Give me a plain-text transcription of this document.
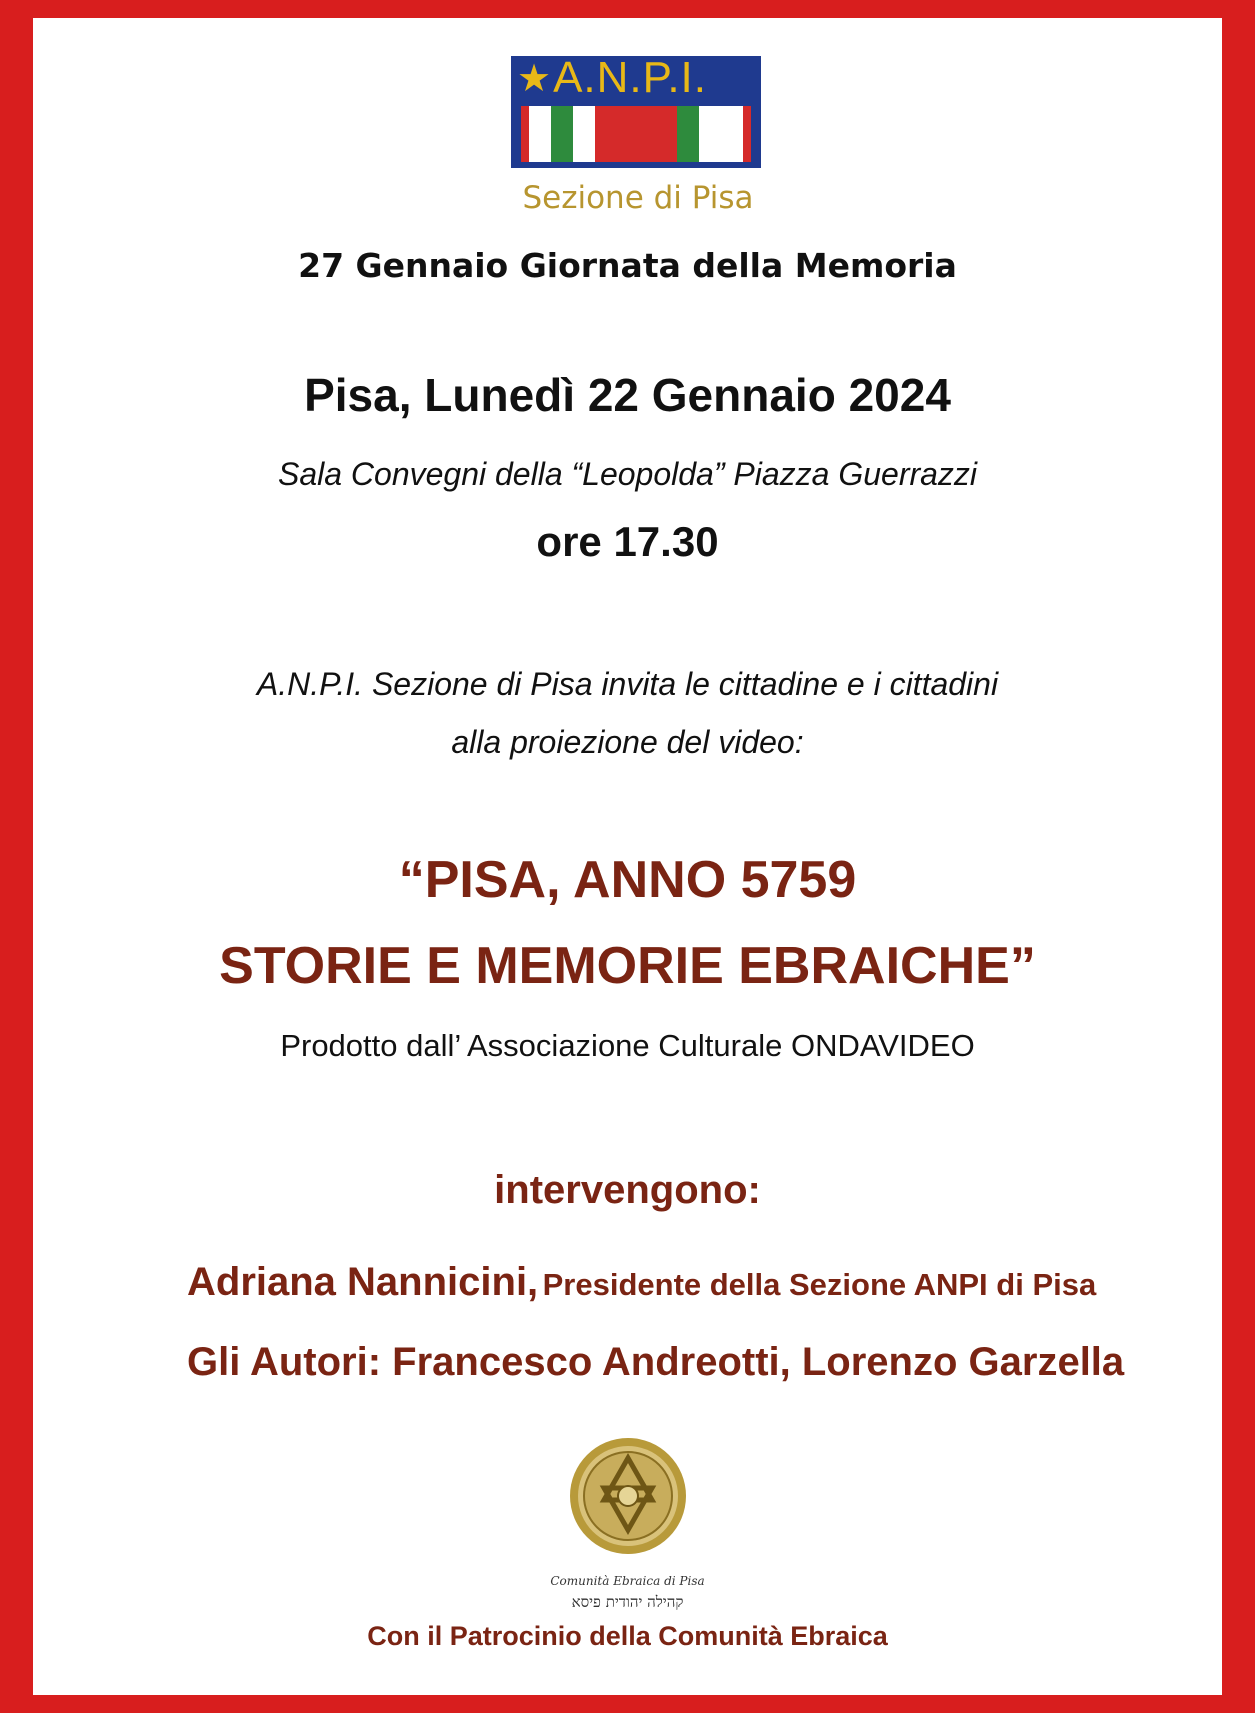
★ A.N.P.I.
Sezione di Pisa
27 Gennaio Giornata della Memoria
Pisa, Lunedì 22 Gennaio 2024
Sala Convegni della “Leopolda” Piazza Guerrazzi
ore 17.30
A.N.P.I. Sezione di Pisa invita le cittadine e i cittadini
alla proiezione del video:
“PISA, ANNO 5759
STORIE E MEMORIE EBRAICHE”
Prodotto dall’ Associazione Culturale ONDAVIDEO
intervengono:
Adriana Nannicini, Presidente della Sezione ANPI di Pisa
Gli Autori: Francesco Andreotti, Lorenzo Garzella
Comunità Ebraica di Pisa
קהילה יהודית פיסא
Con il Patrocinio della Comunità Ebraica
